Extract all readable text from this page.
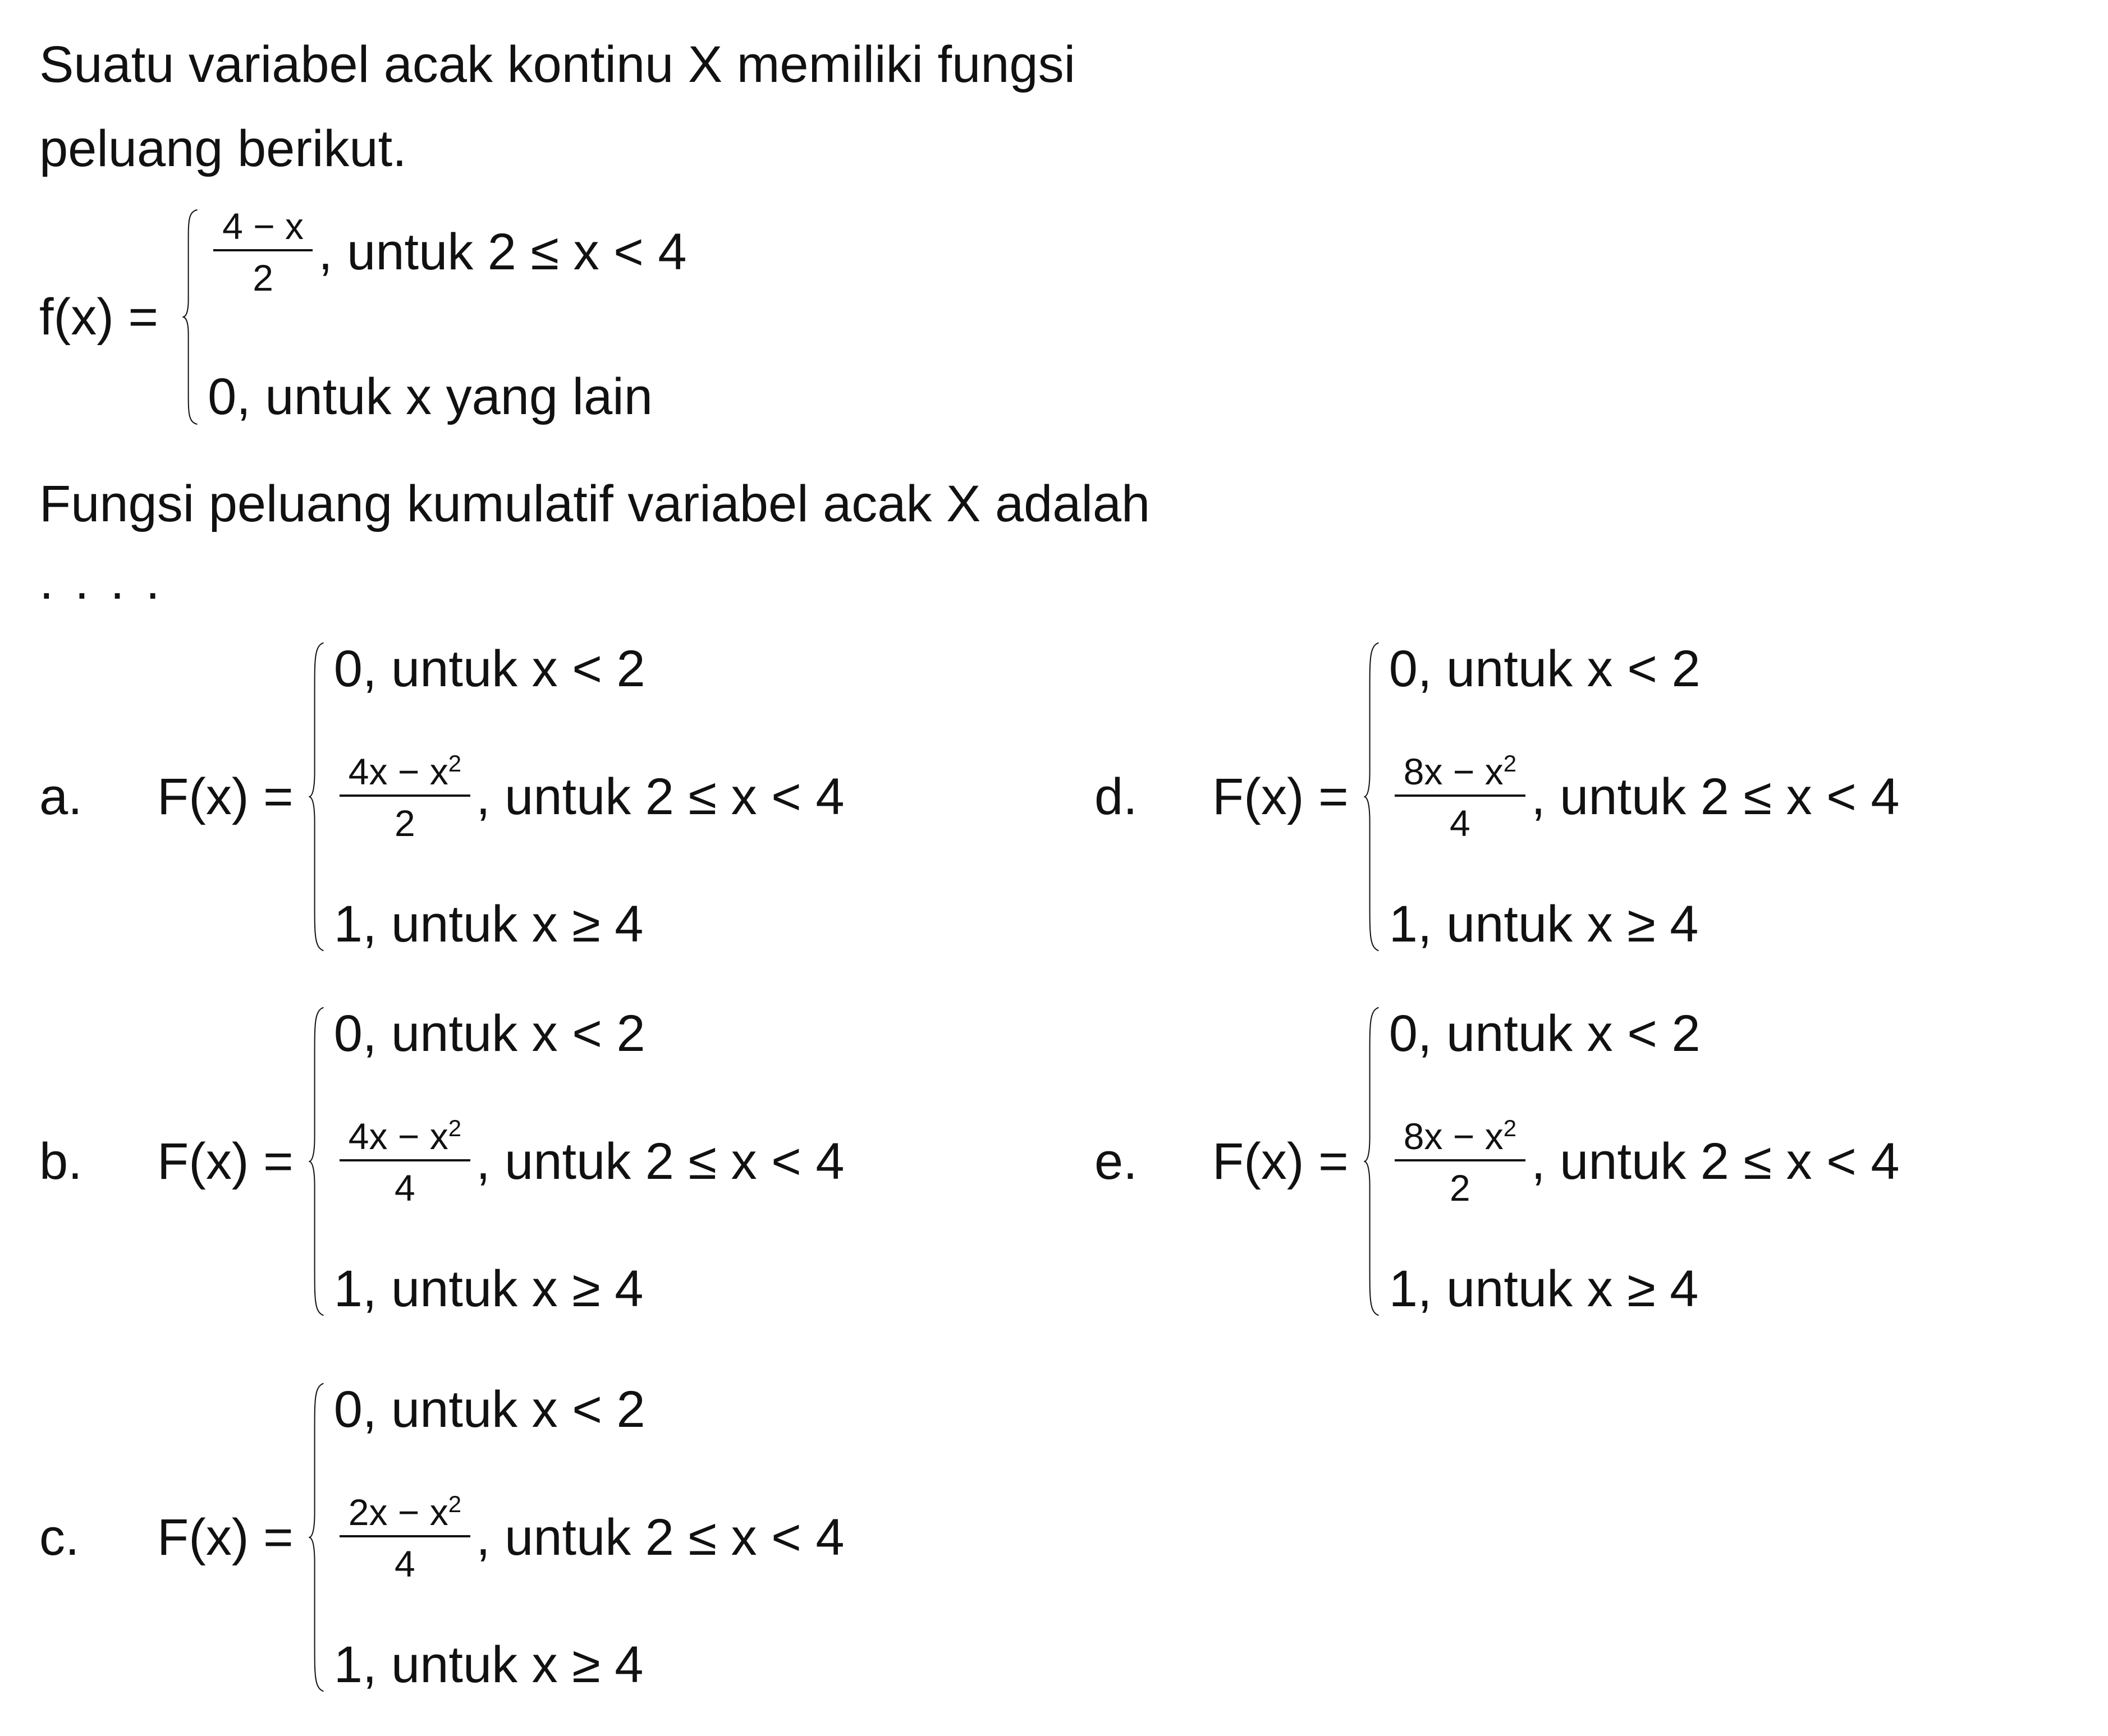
Suatu variabel acak kontinu X memiliki fungsi
peluang berikut.
f(x) =
$\frac{4 - x}{2}$ , untuk 2 ≤ x < 4
0, untuk x yang lain
Fungsi peluang kumulatif variabel acak X adalah
. . . .
a.	F(x) =
0, untuk x < 2
$\frac{4x - x^2}{2}$ , untuk 2 ≤ x < 4
1, untuk x ≥ 4
b.	F(x) =
0, untuk x < 2
$\frac{4x - x^2}{4}$ , untuk 2 ≤ x < 4
1, untuk x ≥ 4
c.	F(x) =
0, untuk x < 2
$\frac{2x - x^2}{4}$ , untuk 2 ≤ x < 4
1, untuk x ≥ 4
d.	F(x) =
0, untuk x < 2
$\frac{8x - x^2}{4}$ , untuk 2 ≤ x < 4
1, untuk x ≥ 4
e.	F(x) =
0, untuk x < 2
$\frac{8x - x^2}{2}$ , untuk 2 ≤ x < 4
1, untuk x ≥ 4
